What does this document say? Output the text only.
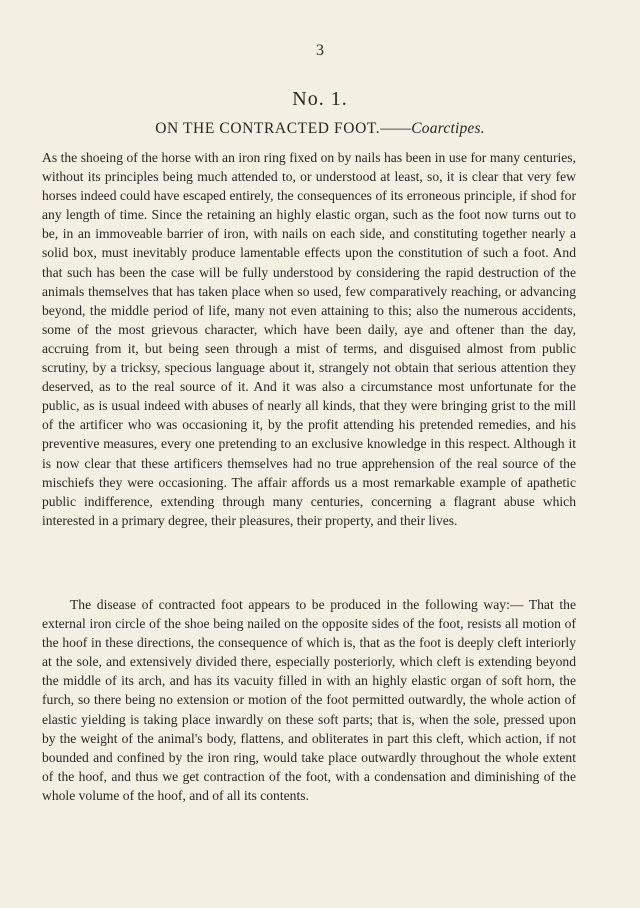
3
No. 1.
ON THE CONTRACTED FOOT.——Coarctipes.

As the shoeing of the horse with an iron ring fixed on by nails has been in use for many centuries, without its principles being much attended to, or understood at least, so, it is clear that very few horses indeed could have escaped entirely, the consequences of its erroneous principle, if shod for any length of time. Since the retaining an highly elastic organ, such as the foot now turns out to be, in an immoveable barrier of iron, with nails on each side, and constituting together nearly a solid box, must inevitably produce lamentable effects upon the constitution of such a foot. And that such has been the case will be fully understood by considering the rapid destruction of the animals themselves that has taken place when so used, few comparatively reaching, or advancing beyond, the middle period of life, many not even attaining to this; also the numerous accidents, some of the most grievous character, which have been daily, aye and oftener than the day, accruing from it, but being seen through a mist of terms, and disguised almost from public scrutiny, by a tricksy, specious language about it, strangely not obtain that serious attention they deserved, as to the real source of it. And it was also a circumstance most unfortunate for the public, as is usual indeed with abuses of nearly all kinds, that they were bringing grist to the mill of the artificer who was occasioning it, by the profit attending his pretended remedies, and his preventive measures, every one pretending to an exclusive knowledge in this respect. Although it is now clear that these artificers themselves had no true apprehension of the real source of the mischiefs they were occasioning. The affair affords us a most remarkable example of apathetic public indifference, extending through many centuries, concerning a flagrant abuse which interested in a primary degree, their pleasures, their property, and their lives.

The disease of contracted foot appears to be produced in the following way:— That the external iron circle of the shoe being nailed on the opposite sides of the foot, resists all motion of the hoof in these directions, the consequence of which is, that as the foot is deeply cleft interiorly at the sole, and extensively divided there, especially posteriorly, which cleft is extending beyond the middle of its arch, and has its vacuity filled in with an highly elastic organ of soft horn, the furch, so there being no extension or motion of the foot permitted outwardly, the whole action of elastic yielding is taking place inwardly on these soft parts; that is, when the sole, pressed upon by the weight of the animal's body, flattens, and obliterates in part this cleft, which action, if not bounded and confined by the iron ring, would take place outwardly throughout the whole extent of the hoof, and thus we get contraction of the foot, with a condensation and diminishing of the whole volume of the hoof, and of all its contents.
